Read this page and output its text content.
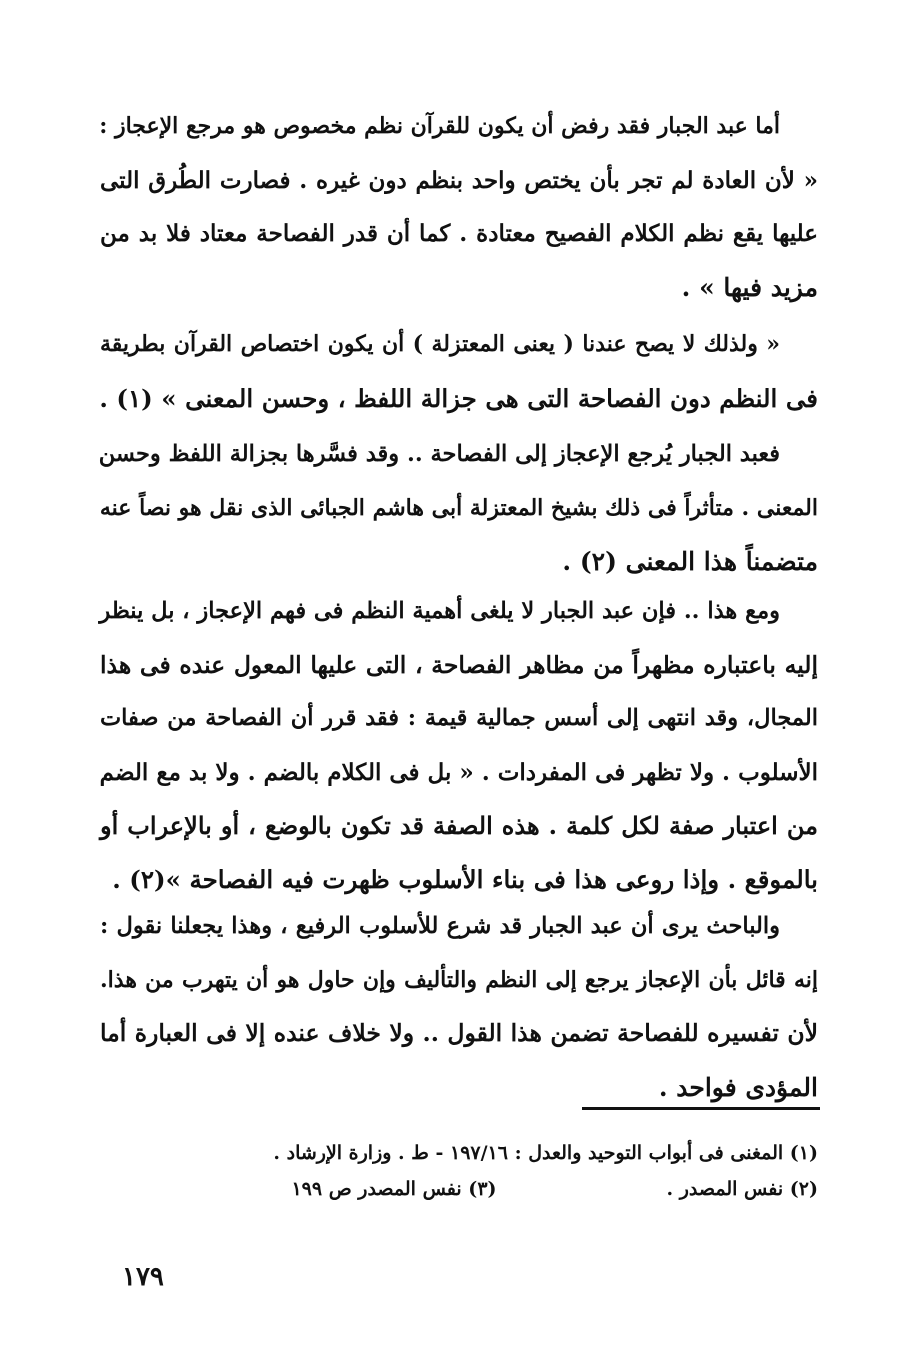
أما عبد الجبار فقد رفض أن يكون للقرآن نظم مخصوص هو مرجع الإعجاز :
« لأن العادة لم تجر بأن يختص واحد بنظم دون غيره . فصارت الطُرق التى
عليها يقع نظم الكلام الفصيح معتادة . كما أن قدر الفصاحة معتاد فلا بد من
مزيد فيها » .
« ولذلك لا يصح عندنا ( يعنى المعتزلة ) أن يكون اختصاص القرآن بطريقة
فى النظم دون الفصاحة التى هى جزالة اللفظ ، وحسن المعنى » (١) .
فعبد الجبار يُرجع الإعجاز إلى الفصاحة .. وقد فسَّرها بجزالة اللفظ وحسن
المعنى . متأثراً فى ذلك بشيخ المعتزلة أبى هاشم الجبائى الذى نقل هو نصاً عنه
متضمناً هذا المعنى (٢) .
ومع هذا .. فإن عبد الجبار لا يلغى أهمية النظم فى فهم الإعجاز ، بل ينظر
إليه باعتباره مظهراً من مظاهر الفصاحة ، التى عليها المعول عنده فى هذا
المجال، وقد انتهى إلى أسس جمالية قيمة : فقد قرر أن الفصاحة من صفات
الأسلوب . ولا تظهر فى المفردات . « بل فى الكلام بالضم . ولا بد مع الضم
من اعتبار صفة لكل كلمة . هذه الصفة قد تكون بالوضع ، أو بالإعراب أو
بالموقع . وإذا روعى هذا فى بناء الأسلوب ظهرت فيه الفصاحة »(٢) .
والباحث يرى أن عبد الجبار قد شرع للأسلوب الرفيع ، وهذا يجعلنا نقول :
إنه قائل بأن الإعجاز يرجع إلى النظم والتأليف وإن حاول هو أن يتهرب من هذا.
لأن تفسيره للفصاحة تضمن هذا القول .. ولا خلاف عنده إلا فى العبارة أما
المؤدى فواحد .
(١) المغنى فى أبواب التوحيد والعدل : ١٩٧/١٦ - ط . وزارة الإرشاد .
(٢) نفس المصدر .
(٣) نفس المصدر ص ١٩٩
١٧٩
